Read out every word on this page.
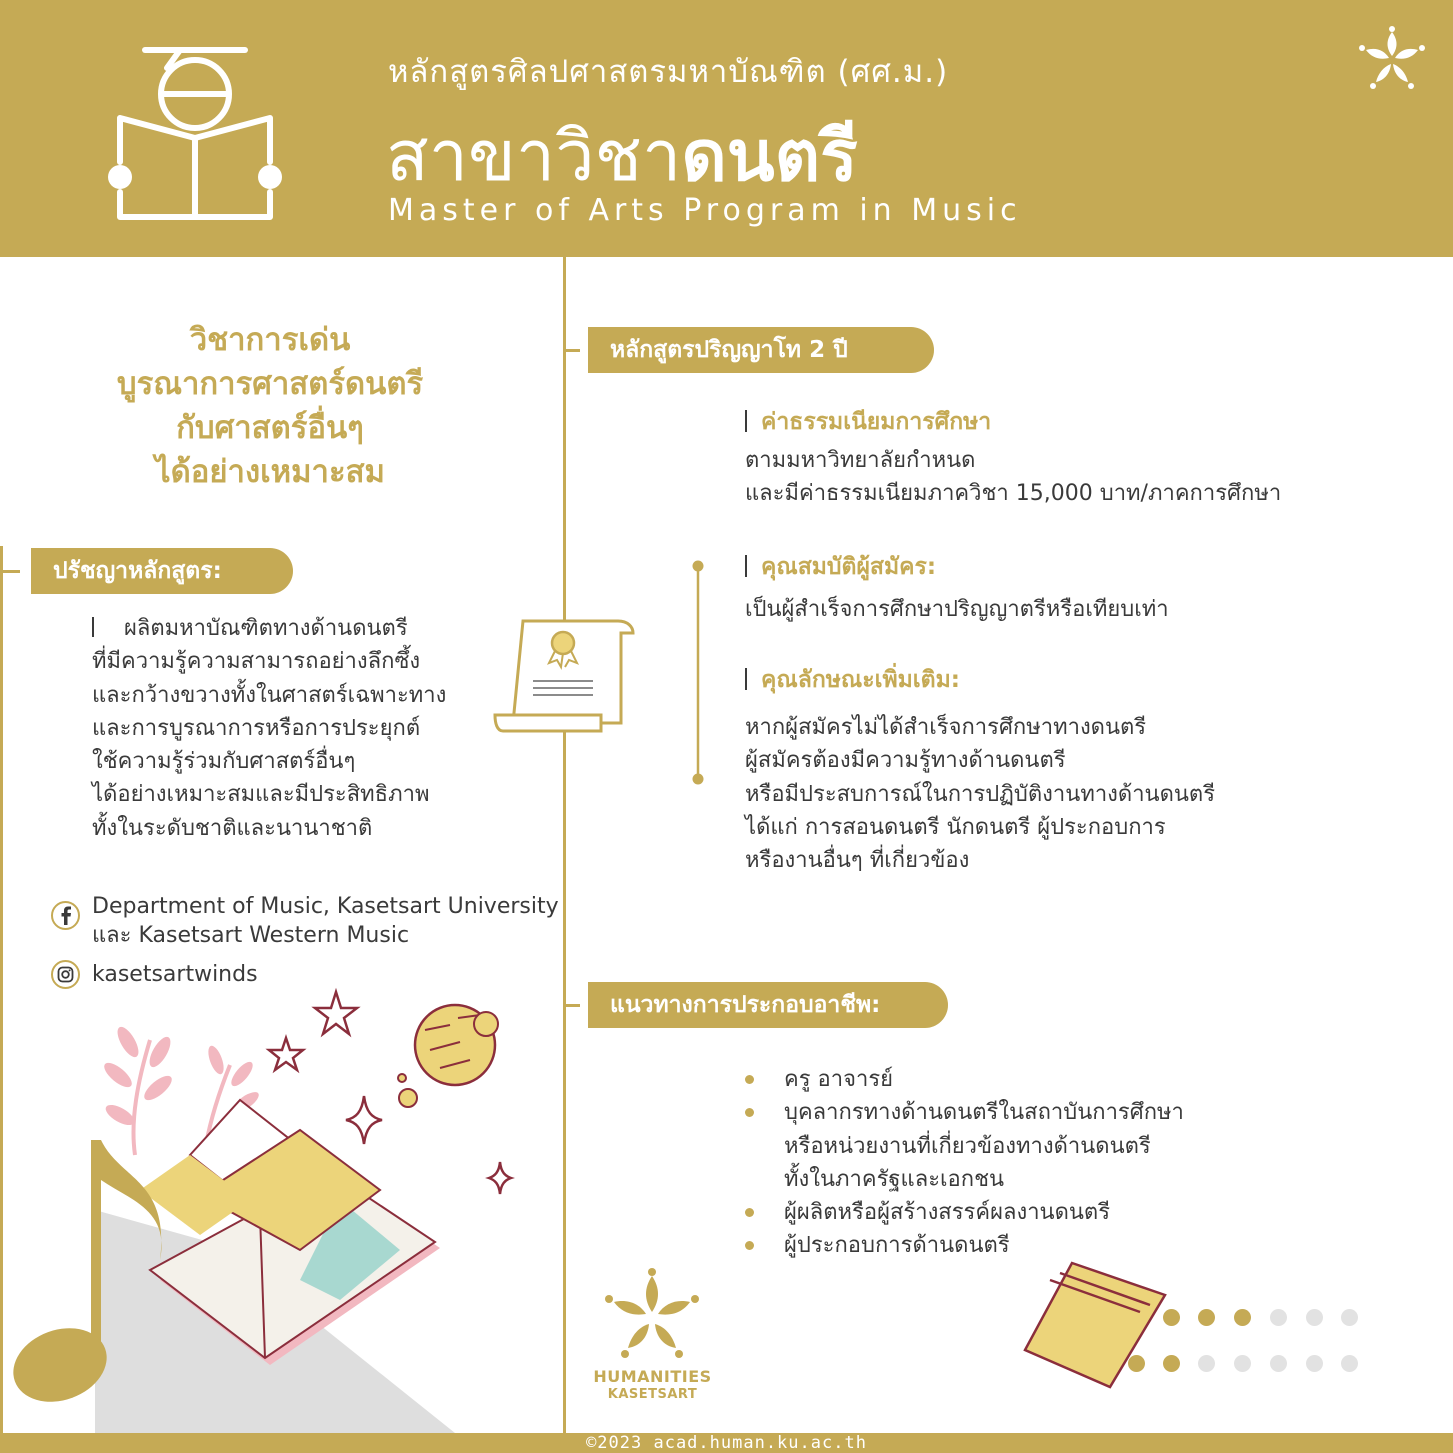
หลักสูตรศิลปศาสตรมหาบัณฑิต (ศศ.ม.)
สาขาวิชาดนตรี
Master of Arts Program in Music
วิชาการเด่น
บูรณาการศาสตร์ดนตรี
กับศาสตร์อื่นๆ
ได้อย่างเหมาะสม
ปรัชญาหลักสูตร:
ผลิตมหาบัณฑิตทางด้านดนตรี
ที่มีความรู้ความสามารถอย่างลึกซึ้ง
และกว้างขวางทั้งในศาสตร์เฉพาะทาง
และการบูรณาการหรือการประยุกต์
ใช้ความรู้ร่วมกับศาสตร์อื่นๆ
ได้อย่างเหมาะสมและมีประสิทธิภาพ
ทั้งในระดับชาติและนานาชาติ
Department of Music, Kasetsart University
และ Kasetsart Western Music
kasetsartwinds
หลักสูตรปริญญาโท 2 ปี
ค่าธรรมเนียมการศึกษา
ตามมหาวิทยาลัยกำหนด
และมีค่าธรรมเนียมภาควิชา 15,000 บาท/ภาคการศึกษา
คุณสมบัติผู้สมัคร:
เป็นผู้สำเร็จการศึกษาปริญญาตรีหรือเทียบเท่า
คุณลักษณะเพิ่มเติม:
หากผู้สมัครไม่ได้สำเร็จการศึกษาทางดนตรี
ผู้สมัครต้องมีความรู้ทางด้านดนตรี
หรือมีประสบการณ์ในการปฏิบัติงานทางด้านดนตรี
ได้แก่ การสอนดนตรี นักดนตรี ผู้ประกอบการ
หรืองานอื่นๆ ที่เกี่ยวข้อง
แนวทางการประกอบอาชีพ:
ครู อาจารย์
บุคลากรทางด้านดนตรีในสถาบันการศึกษา
หรือหน่วยงานที่เกี่ยวข้องทางด้านดนตรี
ทั้งในภาครัฐและเอกชน
ผู้ผลิตหรือผู้สร้างสรรค์ผลงานดนตรี
ผู้ประกอบการด้านดนตรี
HUMANITIES
KASETSART
©2023 acad.human.ku.ac.th
